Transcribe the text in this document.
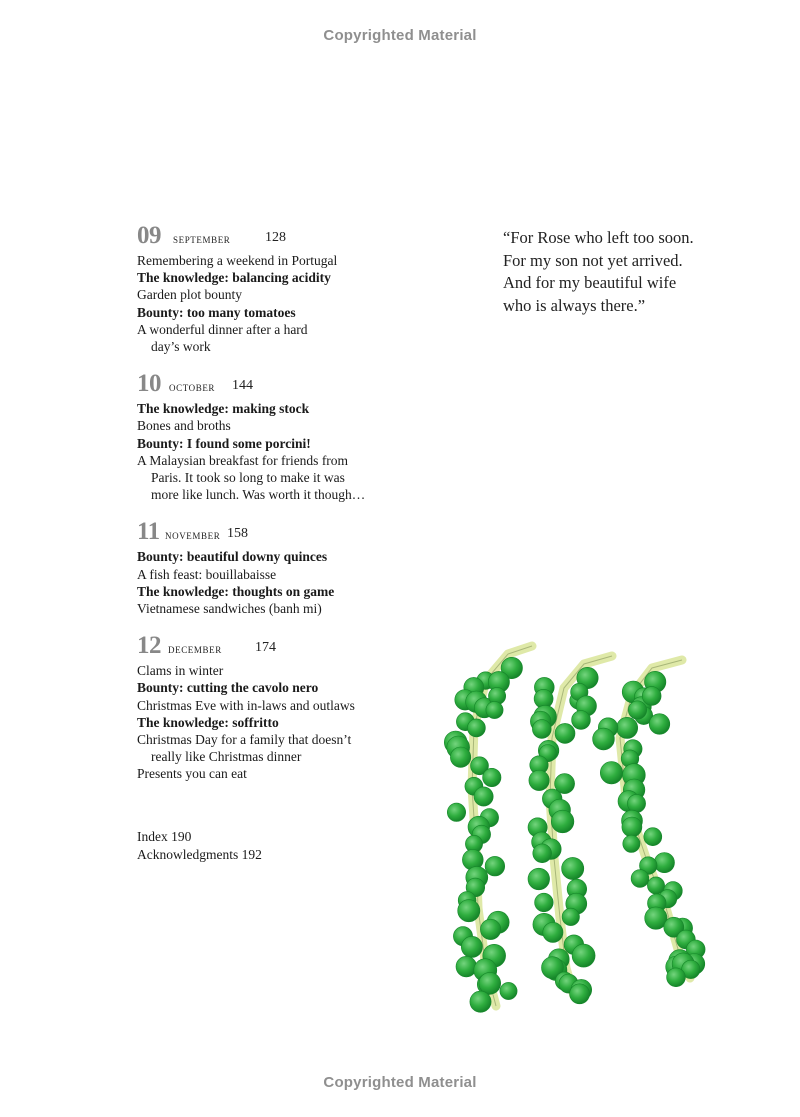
Copyrighted Material
09 september 128
Remembering a weekend in Portugal
The knowledge: balancing acidity
Garden plot bounty
Bounty: too many tomatoes
A wonderful dinner after a hard
day’s work
10 october 144
The knowledge: making stock
Bones and broths
Bounty: I found some porcini!
A Malaysian breakfast for friends from
Paris. It took so long to make it was
more like lunch. Was worth it though…
11 november 158
Bounty: beautiful downy quinces
A fish feast: bouillabaisse
The knowledge: thoughts on game
Vietnamese sandwiches (banh mi)
12 december 174
Clams in winter
Bounty: cutting the cavolo nero
Christmas Eve with in-laws and outlaws
The knowledge: soffritto
Christmas Day for a family that doesn’t
really like Christmas dinner
Presents you can eat
Index 190
Acknowledgments 192
“For Rose who left too soon.
For my son not yet arrived.
And for my beautiful wife
who is always there.”
Copyrighted Material
